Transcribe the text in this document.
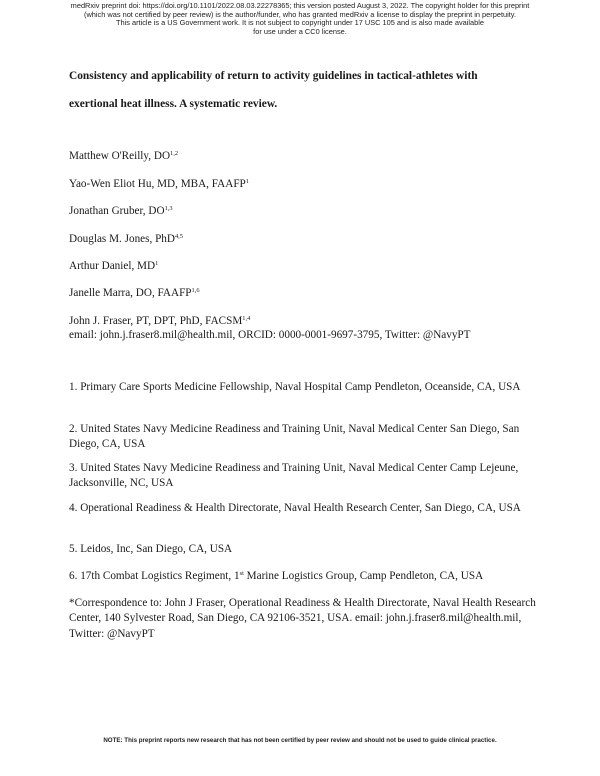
medRxiv preprint doi: https://doi.org/10.1101/2022.08.03.22278365; this version posted August 3, 2022. The copyright holder for this preprint
(which was not certified by peer review) is the author/funder, who has granted medRxiv a license to display the preprint in perpetuity.
This article is a US Government work. It is not subject to copyright under 17 USC 105 and is also made available
for use under a CC0 license.
Consistency and applicability of return to activity guidelines in tactical-athletes with
exertional heat illness. A systematic review.
Matthew O'Reilly, DO$^{1,2}$
Yao-Wen Eliot Hu, MD, MBA, FAAFP$^1$
Jonathan Gruber, DO$^{1,3}$
Douglas M. Jones, PhD$^{4,5}$
Arthur Daniel, $MD^1$
Janelle Marra, DO, FAAFP$^{1,6}$
John J. Fraser, PT, DPT, PhD, FACSM$^{1,4}$
email: john.j.fraser8.mil@health.mil, ORCID: 0000-0001-9697-3795, Twitter: @NavyPT
1. Primary Care Sports Medicine Fellowship, Naval Hospital Camp Pendleton, Oceanside, CA, USA
2. United States Navy Medicine Readiness and Training Unit, Naval Medical Center San Diego, San Diego, CA, USA
3. United States Navy Medicine Readiness and Training Unit, Naval Medical Center Camp Lejeune, Jacksonville, NC, USA
4. Operational Readiness & Health Directorate, Naval Health Research Center, San Diego, CA, USA
5. Leidos, Inc, San Diego, CA, USA
6. 17th Combat Logistics Regiment, 1st Marine Logistics Group, Camp Pendleton, CA, USA
*Correspondence to: John J Fraser, Operational Readiness & Health Directorate, Naval Health Research Center, 140 Sylvester Road, San Diego, CA 92106-3521, USA. email: john.j.fraser8.mil@health.mil, Twitter: @NavyPT
NOTE: This preprint reports new research that has not been certified by peer review and should not be used to guide clinical practice.
